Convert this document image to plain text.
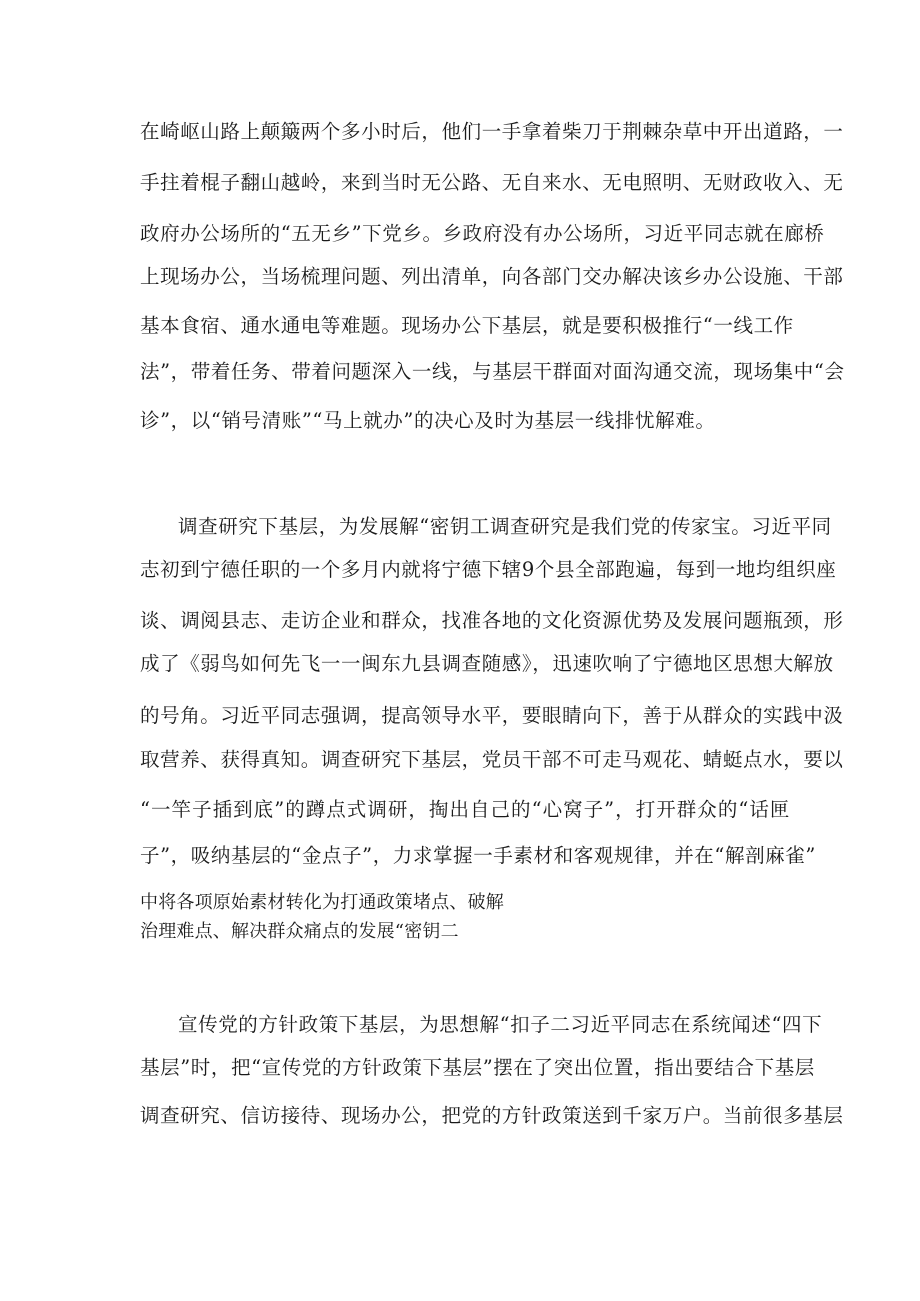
在崎岖山路上颠簸两个多小时后，他们一手拿着柴刀于荆棘杂草中开出道路，一
手拄着棍子翻山越岭，来到当时无公路、无自来水、无电照明、无财政收入、无
政府办公场所的“五无乡”下党乡。乡政府没有办公场所，习近平同志就在廊桥
上现场办公，当场梳理问题、列出清单，向各部门交办解决该乡办公设施、干部
基本食宿、通水通电等难题。现场办公下基层，就是要积极推行“一线工作
法”，带着任务、带着问题深入一线，与基层干群面对面沟通交流，现场集中“会
诊”，以“销号清账”“马上就办”的决心及时为基层一线排忧解难。
调查研究下基层，为发展解“密钥工调查研究是我们党的传家宝。习近平同
志初到宁德任职的一个多月内就将宁德下辖9个县全部跑遍，每到一地均组织座
谈、调阅县志、走访企业和群众，找准各地的文化资源优势及发展问题瓶颈，形
成了《弱鸟如何先飞一一闽东九县调查随感》，迅速吹响了宁德地区思想大解放
的号角。习近平同志强调，提高领导水平，要眼睛向下，善于从群众的实践中汲
取营养、获得真知。调查研究下基层，党员干部不可走马观花、蜻蜓点水，要以
“一竿子插到底”的蹲点式调研，掏出自己的“心窝子”，打开群众的“话匣
子”，吸纳基层的“金点子”，力求掌握一手素材和客观规律，并在“解剖麻雀”
中将各项原始素材转化为打通政策堵点、破解
治理难点、解决群众痛点的发展“密钥二
宣传党的方针政策下基层，为思想解“扣子二习近平同志在系统闻述“四下
基层”时，把“宣传党的方针政策下基层”摆在了突出位置，指出要结合下基层
调查研究、信访接待、现场办公，把党的方针政策送到千家万户。当前很多基层
